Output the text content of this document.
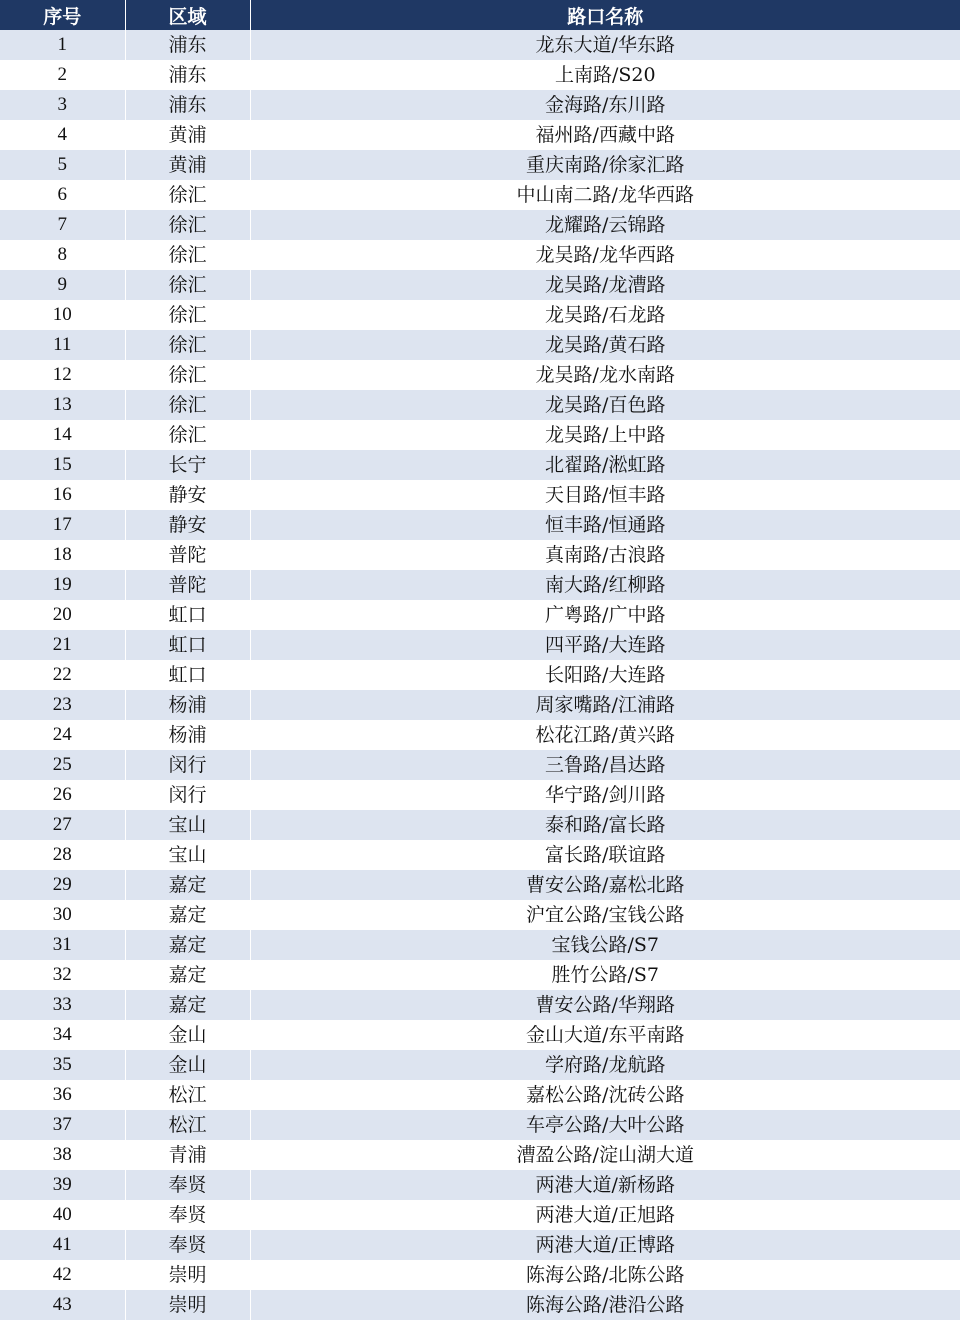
序号	区域	路口名称
1	浦东	龙东大道/华东路
2	浦东	上南路/S20
3	浦东	金海路/东川路
4	黄浦	福州路/西藏中路
5	黄浦	重庆南路/徐家汇路
6	徐汇	中山南二路/龙华西路
7	徐汇	龙耀路/云锦路
8	徐汇	龙吴路/龙华西路
9	徐汇	龙吴路/龙漕路
10	徐汇	龙吴路/石龙路
11	徐汇	龙吴路/黄石路
12	徐汇	龙吴路/龙水南路
13	徐汇	龙吴路/百色路
14	徐汇	龙吴路/上中路
15	长宁	北翟路/淞虹路
16	静安	天目路/恒丰路
17	静安	恒丰路/恒通路
18	普陀	真南路/古浪路
19	普陀	南大路/红柳路
20	虹口	广粤路/广中路
21	虹口	四平路/大连路
22	虹口	长阳路/大连路
23	杨浦	周家嘴路/江浦路
24	杨浦	松花江路/黄兴路
25	闵行	三鲁路/昌达路
26	闵行	华宁路/剑川路
27	宝山	泰和路/富长路
28	宝山	富长路/联谊路
29	嘉定	曹安公路/嘉松北路
30	嘉定	沪宜公路/宝钱公路
31	嘉定	宝钱公路/S7
32	嘉定	胜竹公路/S7
33	嘉定	曹安公路/华翔路
34	金山	金山大道/东平南路
35	金山	学府路/龙航路
36	松江	嘉松公路/沈砖公路
37	松江	车亭公路/大叶公路
38	青浦	漕盈公路/淀山湖大道
39	奉贤	两港大道/新杨路
40	奉贤	两港大道/正旭路
41	奉贤	两港大道/正博路
42	崇明	陈海公路/北陈公路
43	崇明	陈海公路/港沿公路
